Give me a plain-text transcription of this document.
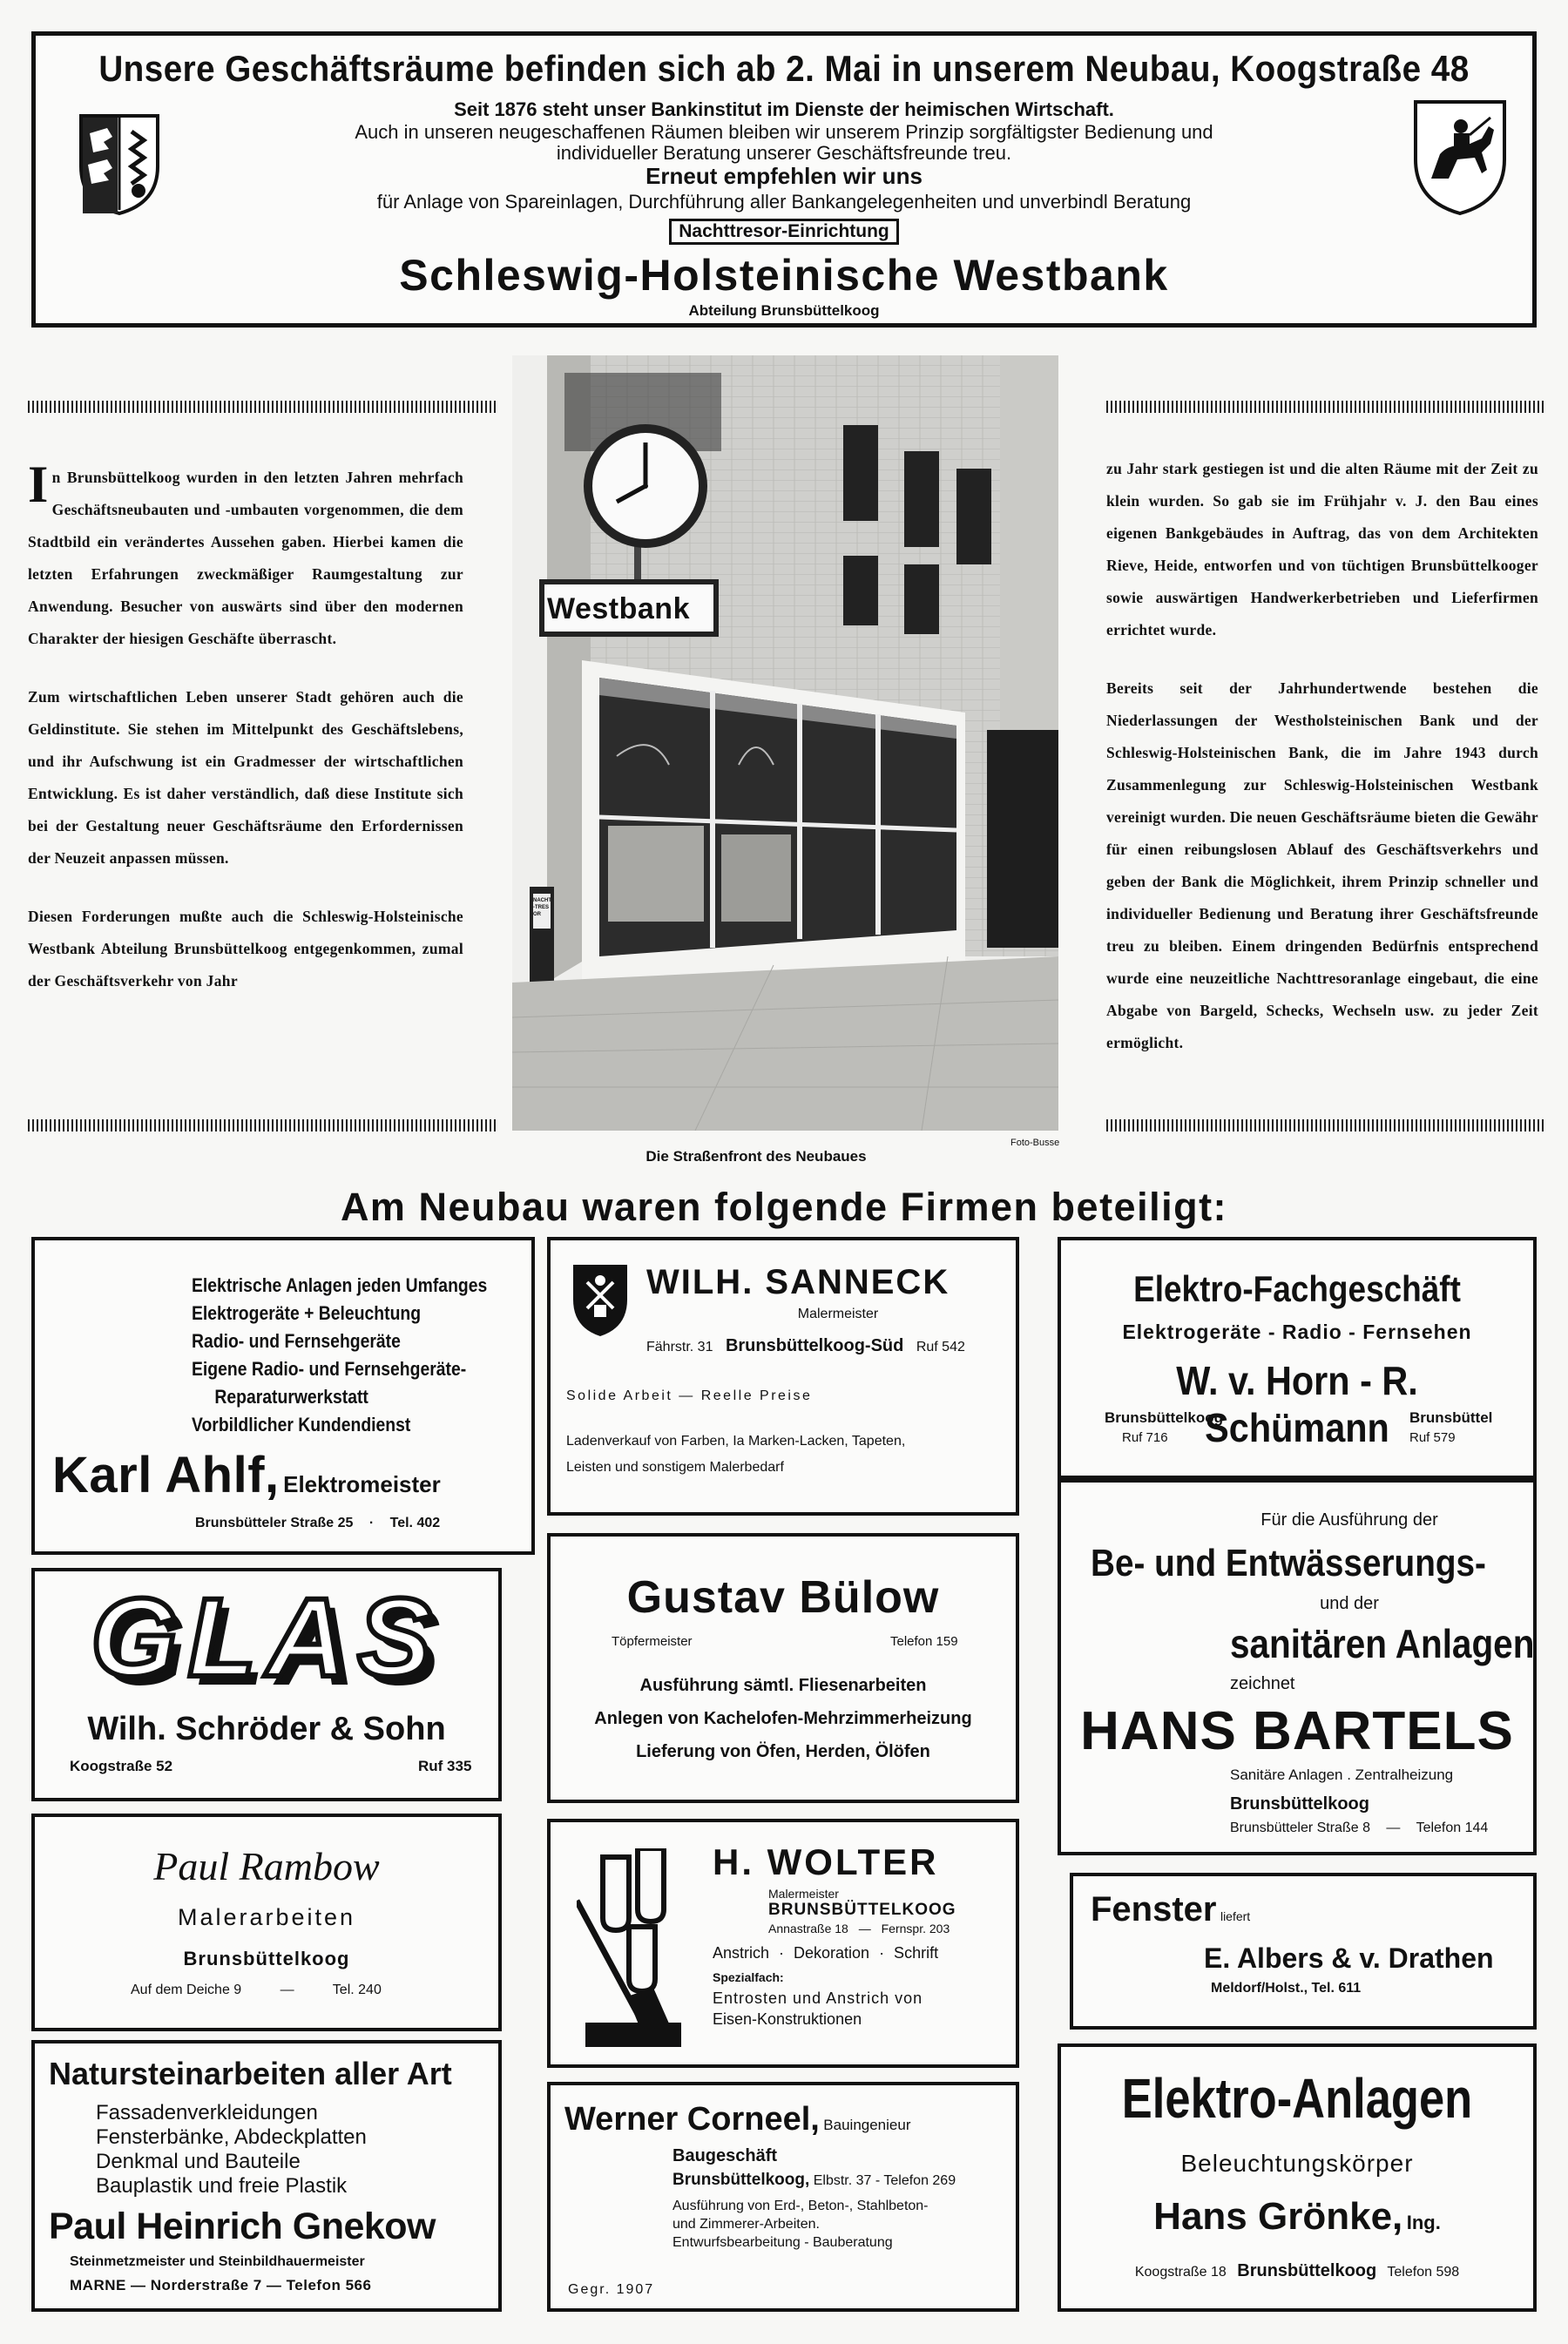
Unsere Geschäftsräume befinden sich ab 2. Mai in unserem Neubau, Koogstraße 48
Seit 1876 steht unser Bankinstitut im Dienste der heimischen Wirtschaft.
Auch in unseren neugeschaffenen Räumen bleiben wir unserem Prinzip sorgfältigster Bedienung und
individueller Beratung unserer Geschäftsfreunde treu.
Erneut empfehlen wir uns
für Anlage von Spareinlagen, Durchführung aller Bankangelegenheiten und unverbindl Beratung
Nachttresor-Einrichtung
Schleswig-Holsteinische Westbank
Abteilung Brunsbüttelkoog

In Brunsbüttelkoog wurden in den letzten Jahren mehrfach Geschäftsneubauten und -umbauten vorgenommen, die dem Stadtbild ein verändertes Aussehen gaben. Hierbei kamen die letzten Erfahrungen zweckmäßiger Raumgestaltung zur Anwendung. Besucher von auswärts sind über den modernen Charakter der hiesigen Geschäfte überrascht.

Zum wirtschaftlichen Leben unserer Stadt gehören auch die Geldinstitute. Sie stehen im Mittelpunkt des Geschäftslebens, und ihr Aufschwung ist ein Gradmesser der wirtschaftlichen Entwicklung. Es ist daher verständlich, daß diese Institute sich bei der Gestaltung neuer Geschäftsräume den Erfordernissen der Neuzeit anpassen müssen.

Diesen Forderungen mußte auch die Schleswig-Holsteinische Westbank Abteilung Brunsbüttelkoog entgegenkommen, zumal der Geschäftsverkehr von Jahr

zu Jahr stark gestiegen ist und die alten Räume mit der Zeit zu klein wurden. So gab sie im Frühjahr v. J. den Bau eines eigenen Bankgebäudes in Auftrag, das von dem Architekten Rieve, Heide, entworfen und von tüchtigen Brunsbüttelkooger sowie auswärtigen Handwerkerbetrieben und Lieferfirmen errichtet wurde.

Bereits seit der Jahrhundertwende bestehen die Niederlassungen der Westholsteinischen Bank und der Schleswig-Holsteinischen Bank, die im Jahre 1943 durch Zusammenlegung zur Schleswig-Holsteinischen Westbank vereinigt wurden. Die neuen Geschäftsräume bieten die Gewähr für einen reibungslosen Ablauf des Geschäftsverkehrs und geben der Bank die Möglichkeit, ihrem Prinzip schneller und individueller Bedienung und Beratung ihrer Geschäftsfreunde treu zu bleiben. Einem dringenden Bedürfnis entsprechend wurde eine neuzeitliche Nachttresoranlage eingebaut, die eine Abgabe von Bargeld, Schecks, Wechseln usw. zu jeder Zeit ermöglicht.

Westbank
NACHT-TRESOR
Die Straßenfront des Neubaues
Foto-Busse
Am Neubau waren folgende Firmen beteiligt:
Elektrische Anlagen jeden Umfanges
Elektrogeräte + Beleuchtung
Radio- und Fernsehgeräte
Eigene Radio- und Fernsehgeräte-
Reparaturwerkstatt
Vorbildlicher Kundendienst
Karl Ahlf, Elektromeister
Brunsbütteler Straße 25 · Tel. 402
WILH. SANNECK
Malermeister
Fährstr. 31 Brunsbüttelkoog-Süd Ruf 542
Solide Arbeit — Reelle Preise
Ladenverkauf von Farben, Ia Marken-Lacken, Tapeten,
Leisten und sonstigem Malerbedarf
Elektro-Fachgeschäft
Elektrogeräte - Radio - Fernsehen
W. v. Horn - R. Schümann
Brunsbüttelkoog	Brunsbüttel
Ruf 716	Ruf 579
GLAS
Wilh. Schröder & Sohn
Koogstraße 52	Ruf 335
Gustav Bülow
Töpfermeister	Telefon 159
Ausführung sämtl. Fliesenarbeiten
Anlegen von Kachelofen-Mehrzimmerheizung
Lieferung von Öfen, Herden, Ölöfen
Für die Ausführung der
Be- und Entwässerungs-
und der
sanitären Anlagen
zeichnet
HANS BARTELS
Sanitäre Anlagen . Zentralheizung
Brunsbüttelkoog
Brunsbütteler Straße 8 — Telefon 144
Paul Rambow
Malerarbeiten
Brunsbüttelkoog
Auf dem Deiche 9	—	Tel. 240
H. WOLTER
Malermeister
BRUNSBÜTTELKOOG
Annastraße 18 — Fernspr. 203
Anstrich · Dekoration · Schrift
Spezialfach:
Entrosten und Anstrich von
Eisen-Konstruktionen
Fenster liefert
E. Albers & v. Drathen
Meldorf/Holst., Tel. 611
Natursteinarbeiten aller Art
Fassadenverkleidungen
Fensterbänke, Abdeckplatten
Denkmal und Bauteile
Bauplastik und freie Plastik
Paul Heinrich Gnekow
Steinmetzmeister und Steinbildhauermeister
MARNE — Norderstraße 7 — Telefon 566
Werner Corneel, Bauingenieur
Baugeschäft
Brunsbüttelkoog, Elbstr. 37 - Telefon 269
Ausführung von Erd-, Beton-, Stahlbeton-
und Zimmerer-Arbeiten.
Entwurfsbearbeitung - Bauberatung
Gegr. 1907
Elektro-Anlagen
Beleuchtungskörper
Hans Grönke, Ing.
Koogstraße 18 Brunsbüttelkoog Telefon 598
